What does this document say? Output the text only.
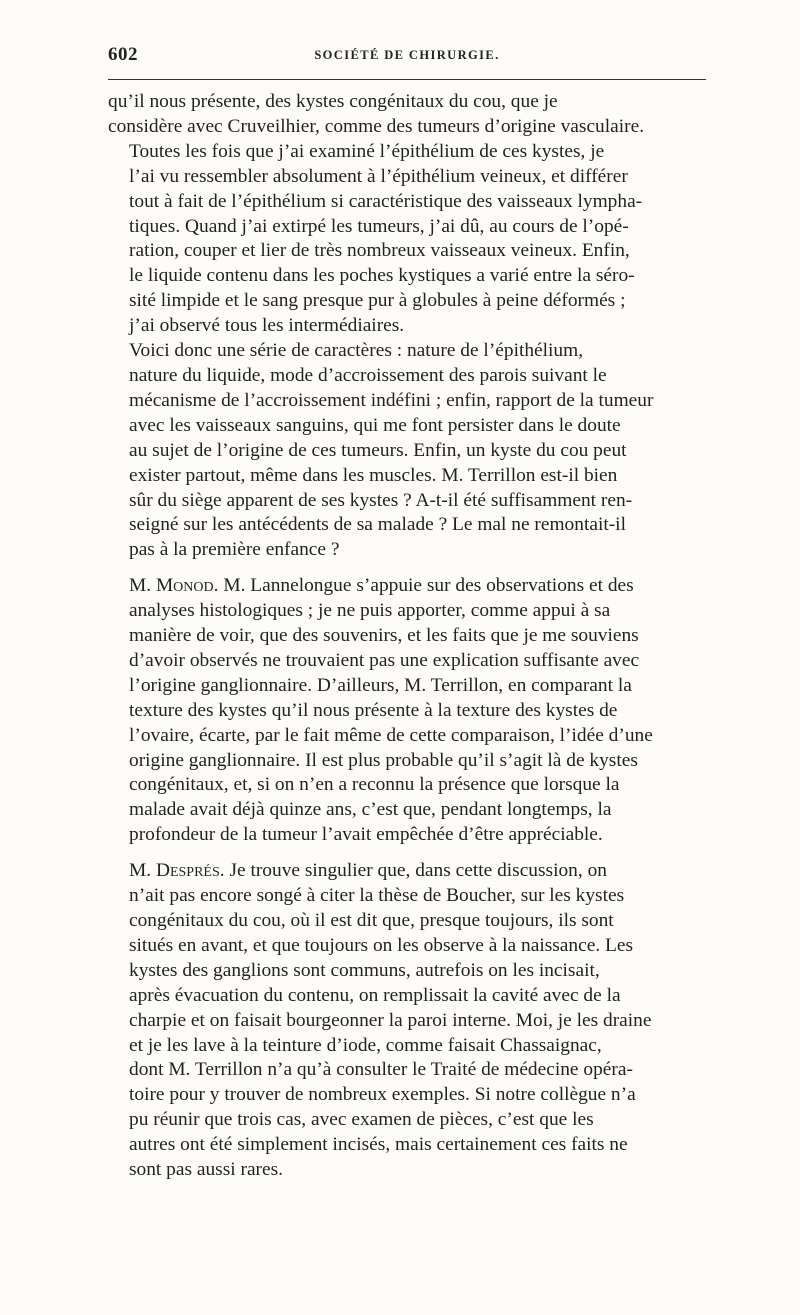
602	SOCIÉTÉ DE CHIRURGIE.

qu’il nous présente, des kystes congénitaux du cou, que je
considère avec Cruveilhier, comme des tumeurs d’origine vasculaire.

Toutes les fois que j’ai examiné l’épithélium de ces kystes, je
l’ai vu ressembler absolument à l’épithélium veineux, et différer
tout à fait de l’épithélium si caractéristique des vaisseaux lympha-
tiques. Quand j’ai extirpé les tumeurs, j’ai dû, au cours de l’opé-
ration, couper et lier de très nombreux vaisseaux veineux. Enfin,
le liquide contenu dans les poches kystiques a varié entre la séro-
sité limpide et le sang presque pur à globules à peine déformés ;
j’ai observé tous les intermédiaires.

Voici donc une série de caractères : nature de l’épithélium,
nature du liquide, mode d’accroissement des parois suivant le
mécanisme de l’accroissement indéfini ; enfin, rapport de la tumeur
avec les vaisseaux sanguins, qui me font persister dans le doute
au sujet de l’origine de ces tumeurs. Enfin, un kyste du cou peut
exister partout, même dans les muscles. M. Terrillon est-il bien
sûr du siège apparent de ses kystes ? A-t-il été suffisamment ren-
seigné sur les antécédents de sa malade ? Le mal ne remontait-il
pas à la première enfance ?

M. Monod. M. Lannelongue s’appuie sur des observations et des
analyses histologiques ; je ne puis apporter, comme appui à sa
manière de voir, que des souvenirs, et les faits que je me souviens
d’avoir observés ne trouvaient pas une explication suffisante avec
l’origine ganglionnaire. D’ailleurs, M. Terrillon, en comparant la
texture des kystes qu’il nous présente à la texture des kystes de
l’ovaire, écarte, par le fait même de cette comparaison, l’idée d’une
origine ganglionnaire. Il est plus probable qu’il s’agit là de kystes
congénitaux, et, si on n’en a reconnu la présence que lorsque la
malade avait déjà quinze ans, c’est que, pendant longtemps, la
profondeur de la tumeur l’avait empêchée d’être appréciable.

M. Després. Je trouve singulier que, dans cette discussion, on
n’ait pas encore songé à citer la thèse de Boucher, sur les kystes
congénitaux du cou, où il est dit que, presque toujours, ils sont
situés en avant, et que toujours on les observe à la naissance. Les
kystes des ganglions sont communs, autrefois on les incisait,
après évacuation du contenu, on remplissait la cavité avec de la
charpie et on faisait bourgeonner la paroi interne. Moi, je les draine
et je les lave à la teinture d’iode, comme faisait Chassaignac,
dont M. Terrillon n’a qu’à consulter le Traité de médecine opéra-
toire pour y trouver de nombreux exemples. Si notre collègue n’a
pu réunir que trois cas, avec examen de pièces, c’est que les
autres ont été simplement incisés, mais certainement ces faits ne
sont pas aussi rares.
